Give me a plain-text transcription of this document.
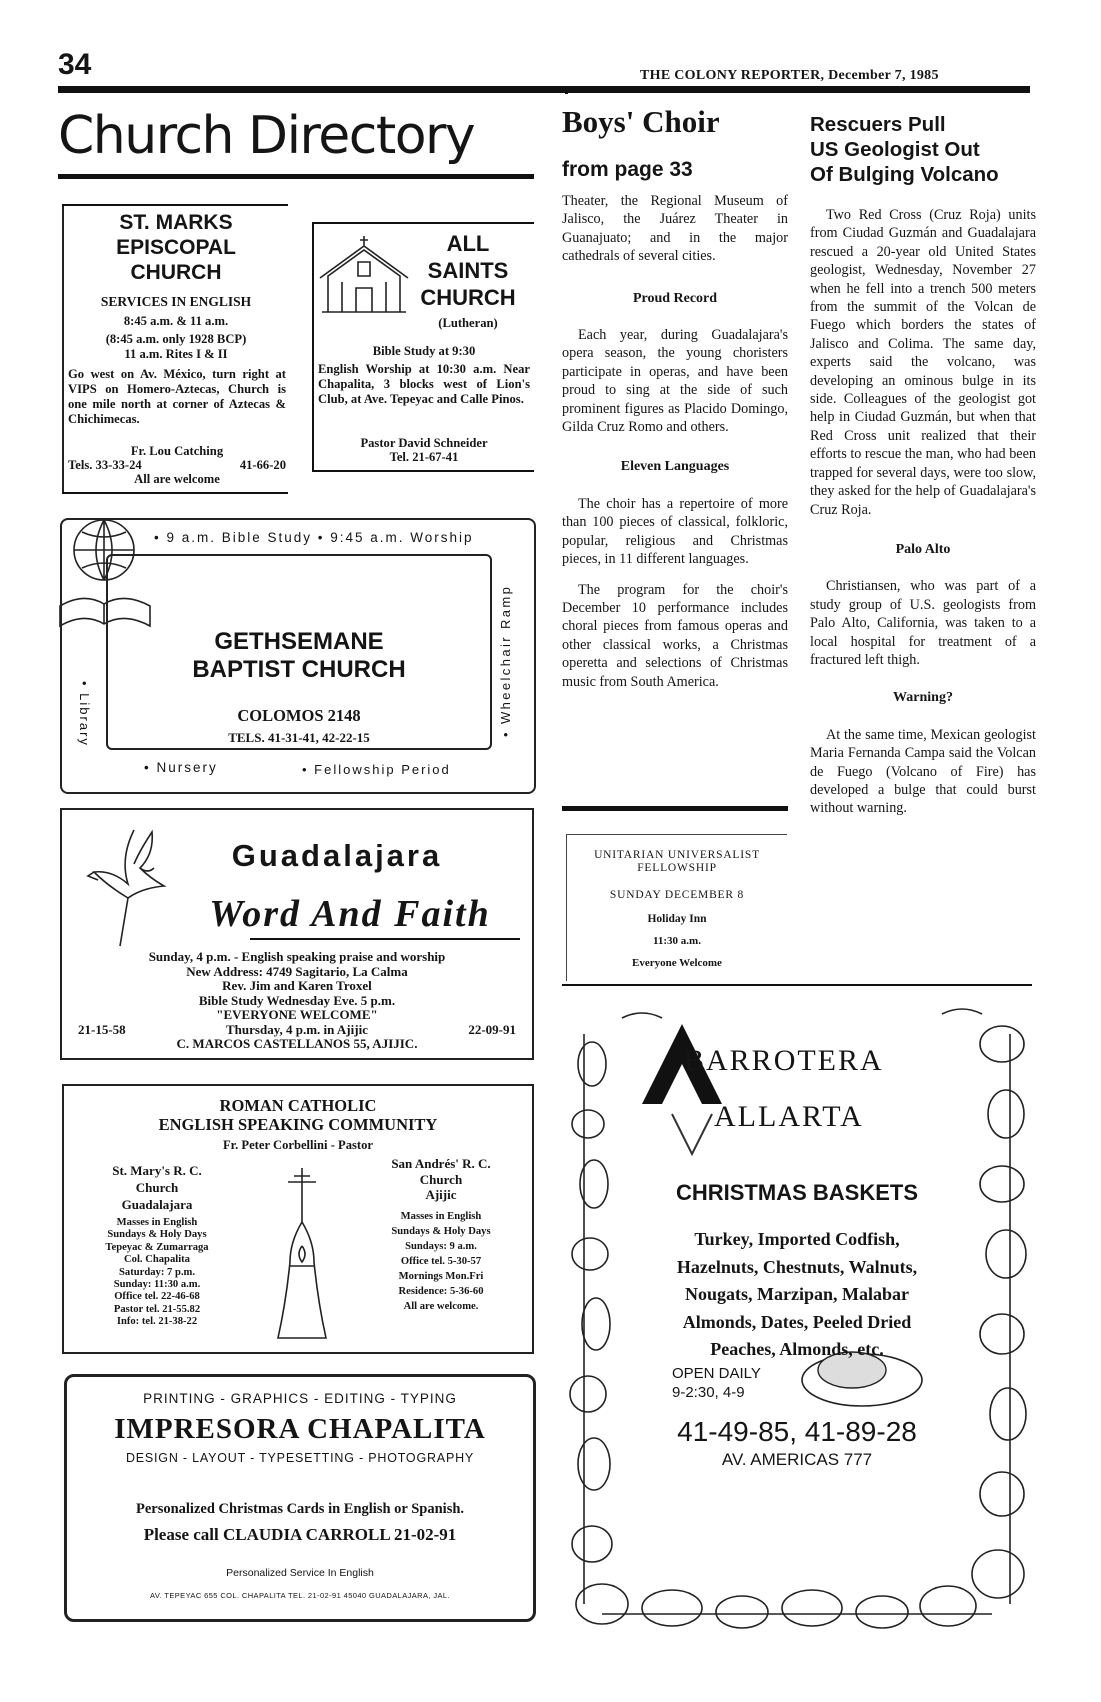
34	THE COLONY REPORTER, December 7, 1985
Church Directory
ST. MARKS
EPISCOPAL
CHURCH
SERVICES IN ENGLISH
8:45 a.m. & 11 a.m.
(8:45 a.m. only 1928 BCP)
11 a.m. Rites I & II
Go west on Av. México, turn right at VIPS on Homero-Aztecas, Church is one mile north at corner of Aztecas & Chichimecas.
Fr. Lou Catching
Tels. 33-33-24	41-66-20
All are welcome
ALL
SAINTS
CHURCH
(Lutheran)
Bible Study at 9:30
English Worship at 10:30 a.m. Near Chapalita, 3 blocks west of Lion's Club, at Ave. Tepeyac and Calle Pinos.
Pastor David Schneider
Tel. 21-67-41
• 9 a.m. Bible Study • 9:45 a.m. Worship
GETHSEMANE
BAPTIST CHURCH
COLOMOS 2148
TELS. 41-31-41, 42-22-15
• Library	• Wheelchair Ramp
• Nursery	• Fellowship Period
Guadalajara
Word And Faith
Sunday, 4 p.m. - English speaking praise and worship
New Address: 4749 Sagitario, La Calma
Rev. Jim and Karen Troxel
Bible Study Wednesday Eve. 5 p.m.
"EVERYONE WELCOME"
21-15-58	Thursday, 4 p.m. in Ajijic	22-09-91
C. MARCOS CASTELLANOS 55, AJIJIC.
ROMAN CATHOLIC
ENGLISH SPEAKING COMMUNITY
Fr. Peter Corbellini - Pastor
St. Mary's R. C.
Church
Guadalajara
Masses in English
Sundays & Holy Days
Tepeyac & Zumarraga
Col. Chapalita
Saturday: 7 p.m.
Sunday: 11:30 a.m.
Office tel. 22-46-68
Pastor tel. 21-55.82
Info: tel. 21-38-22
San Andrés' R. C.
Church
Ajijic
Masses in English
Sundays & Holy Days
Sundays: 9 a.m.
Office tel. 5-30-57
Mornings Mon.Fri
Residence: 5-36-60
All are welcome.
PRINTING - GRAPHICS - EDITING - TYPING
IMPRESORA CHAPALITA
DESIGN - LAYOUT - TYPESETTING - PHOTOGRAPHY
Personalized Christmas Cards in English or Spanish.
Please call CLAUDIA CARROLL 21-02-91
Personalized Service In English
AV. TEPEYAC 655 COL. CHAPALITA TEL. 21-02-91 45040 GUADALAJARA, JAL.
Boys' Choir
from page 33

Theater, the Regional Museum of Jalisco, the Juárez Theater in Guanajuato; and in the major cathedrals of several cities.

Proud Record

Each year, during Guadalajara's opera season, the young choristers participate in operas, and have been proud to sing at the side of such prominent figures as Placido Domingo, Gilda Cruz Romo and others.

Eleven Languages

The choir has a repertoire of more than 100 pieces of classical, folkloric, popular, religious and Christmas pieces, in 11 different languages.

The program for the choir's December 10 performance includes choral pieces from famous operas and other classical works, a Christmas operetta and selections of Christmas music from South America.

UNITARIAN UNIVERSALIST
FELLOWSHIP
SUNDAY DECEMBER 8
Holiday Inn
11:30 a.m.
Everyone Welcome
Rescuers Pull
US Geologist Out
Of Bulging Volcano

Two Red Cross (Cruz Roja) units from Ciudad Guzmán and Guadalajara rescued a 20-year old United States geologist, Wednesday, November 27 when he fell into a trench 500 meters from the summit of the Volcan de Fuego which borders the states of Jalisco and Colima. The same day, experts said the volcano, was developing an ominous bulge in its side. Colleagues of the geologist got help in Ciudad Guzmán, but when that Red Cross unit realized that their efforts to rescue the man, who had been trapped for several days, were too slow, they asked for the help of Guadalajara's Cruz Roja.

Palo Alto

Christiansen, who was part of a study group of U.S. geologists from Palo Alto, California, was taken to a local hospital for treatment of a fractured left thigh.

Warning?

At the same time, Mexican geologist Maria Fernanda Campa said the Volcan de Fuego (Volcano of Fire) has developed a bulge that could burst without warning.

BARROTERA
ALLARTA
CHRISTMAS BASKETS
Turkey, Imported Codfish,
Hazelnuts, Chestnuts, Walnuts,
Nougats, Marzipan, Malabar
Almonds, Dates, Peeled Dried
Peaches, Almonds, etc.
OPEN DAILY
9-2:30, 4-9
41-49-85, 41-89-28
AV. AMERICAS 777
